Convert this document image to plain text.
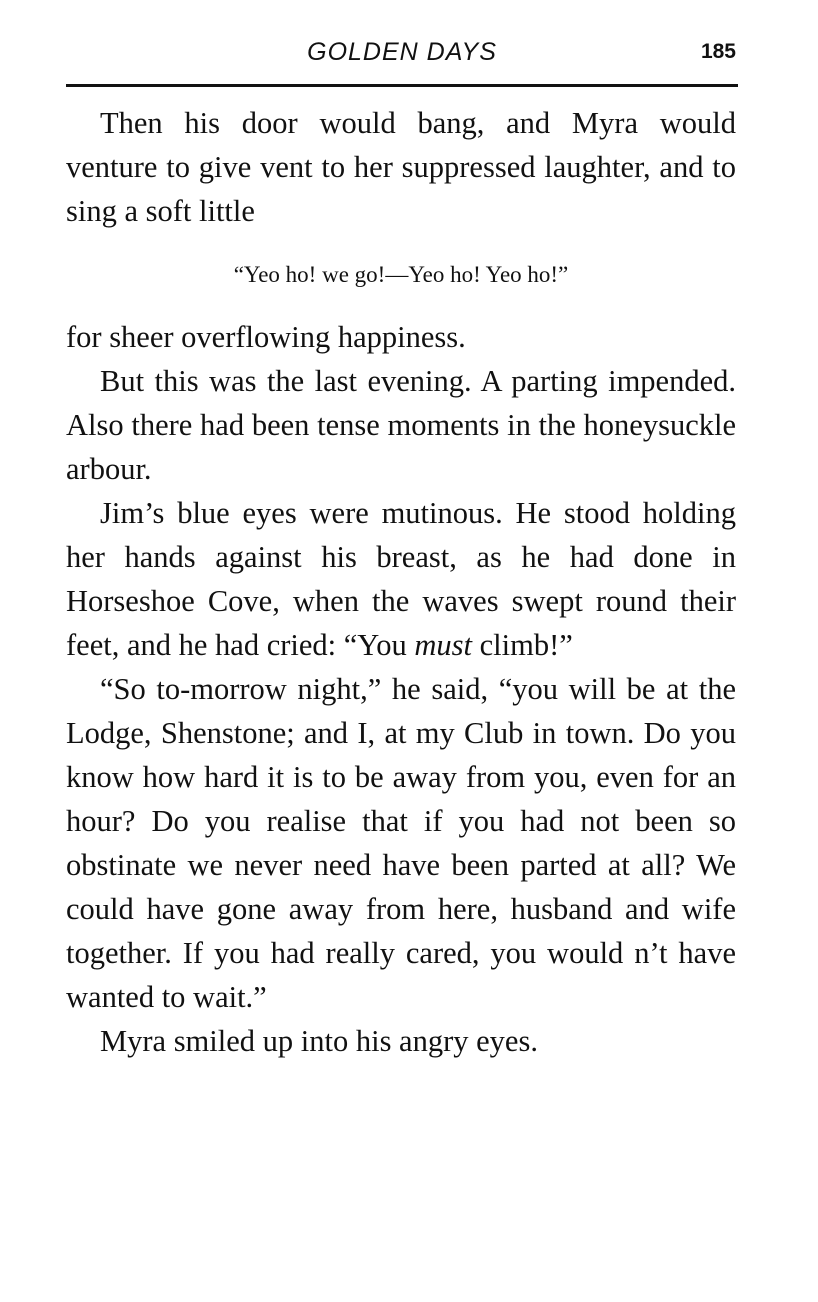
GOLDEN DAYS	185

Then his door would bang, and Myra would venture to give vent to her suppressed laughter, and to sing a soft little

“Yeo ho! we go!—Yeo ho! Yeo ho!”

for sheer overflowing happiness.

But this was the last evening. A parting impended. Also there had been tense moments in the honeysuckle arbour.

Jim’s blue eyes were mutinous. He stood holding her hands against his breast, as he had done in Horseshoe Cove, when the waves swept round their feet, and he had cried: “You must climb!”

“So to-morrow night,” he said, “you will be at the Lodge, Shenstone; and I, at my Club in town. Do you know how hard it is to be away from you, even for an hour? Do you realise that if you had not been so obstinate we never need have been parted at all? We could have gone away from here, husband and wife together. If you had really cared, you would n’t have wanted to wait.”

Myra smiled up into his angry eyes.
